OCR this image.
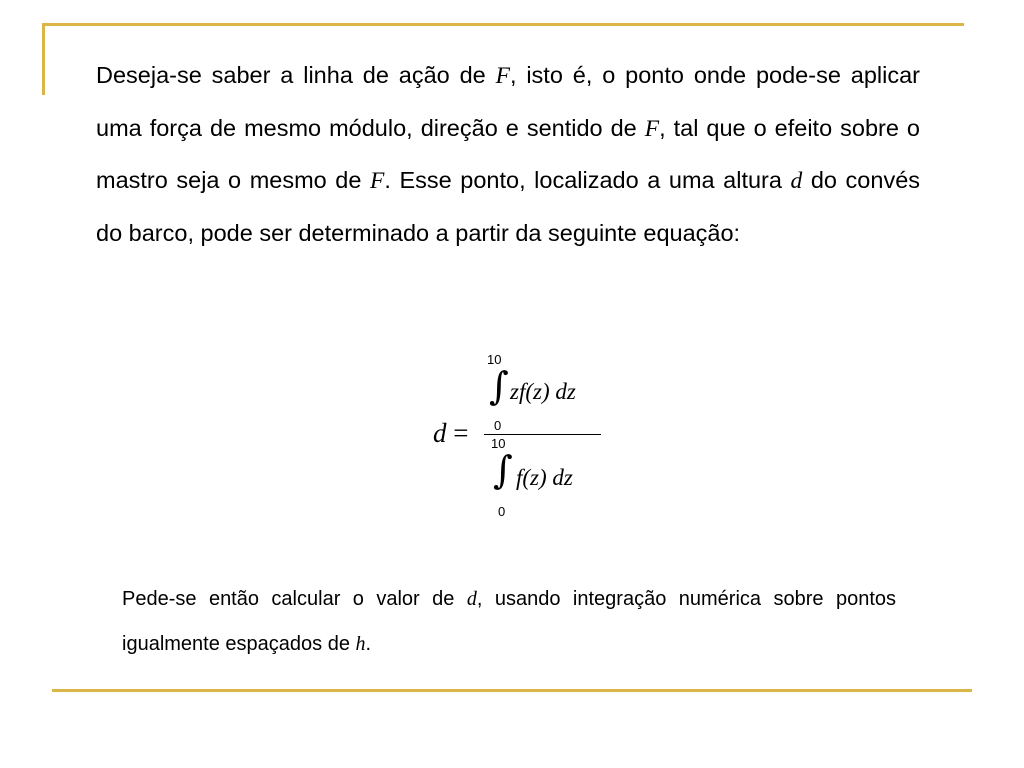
Deseja-se saber a linha de ação de F, isto é, o ponto onde pode-se aplicar uma força de mesmo módulo, direção e sentido de F, tal que o efeito sobre o mastro seja o mesmo de F. Esse ponto, localizado a uma altura d do convés do barco, pode ser determinado a partir da seguinte equação:
d =
10
∫
0
zf(z) dz
10
∫
0
f(z) dz
Pede-se então calcular o valor de d, usando integração numérica sobre pontos igualmente espaçados de h.
